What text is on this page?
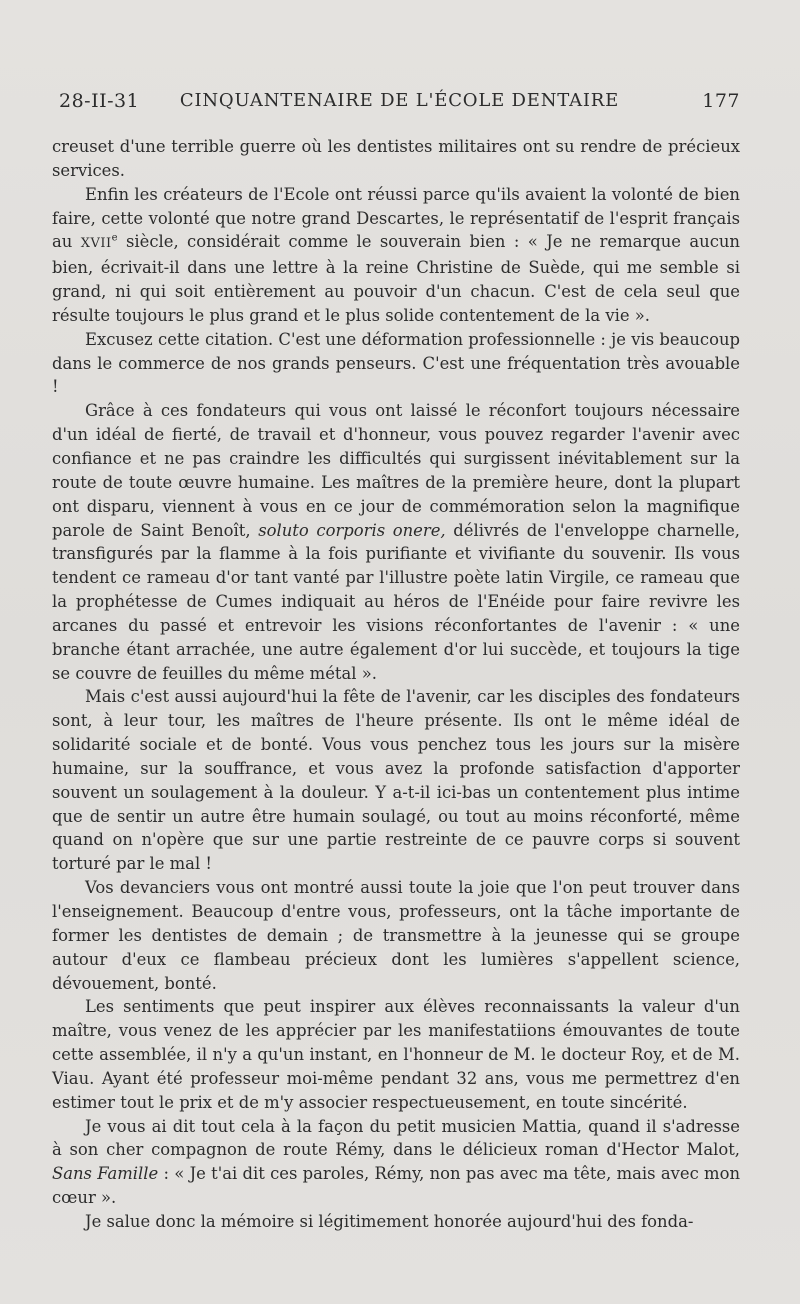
28-II-31	CINQUANTENAIRE DE L'ÉCOLE DENTAIRE	177

creuset d'une terrible guerre où les dentistes militaires ont su rendre de précieux services.

Enfin les créateurs de l'Ecole ont réussi parce qu'ils avaient la volonté de bien faire, cette volonté que notre grand Descartes, le représentatif de l'esprit français au XVIIe siècle, considérait comme le souverain bien : « Je ne remarque aucun bien, écrivait-il dans une lettre à la reine Christine de Suède, qui me semble si grand, ni qui soit entièrement au pouvoir d'un chacun. C'est de cela seul que résulte toujours le plus grand et le plus solide contentement de la vie ».

Excusez cette citation. C'est une déformation professionnelle : je vis beaucoup dans le commerce de nos grands penseurs. C'est une fréquentation très avouable !

Grâce à ces fondateurs qui vous ont laissé le réconfort toujours nécessaire d'un idéal de fierté, de travail et d'honneur, vous pouvez regarder l'avenir avec confiance et ne pas craindre les difficultés qui surgissent inévitablement sur la route de toute œuvre humaine. Les maîtres de la première heure, dont la plupart ont disparu, viennent à vous en ce jour de commémoration selon la magnifique parole de Saint Benoît, soluto corporis onere, délivrés de l'enveloppe charnelle, transfigurés par la flamme à la fois purifiante et vivifiante du souvenir. Ils vous tendent ce rameau d'or tant vanté par l'illustre poète latin Virgile, ce rameau que la prophétesse de Cumes indiquait au héros de l'Enéide pour faire revivre les arcanes du passé et entrevoir les visions réconfortantes de l'avenir : « une branche étant arrachée, une autre également d'or lui succède, et toujours la tige se couvre de feuilles du même métal ».

Mais c'est aussi aujourd'hui la fête de l'avenir, car les disciples des fondateurs sont, à leur tour, les maîtres de l'heure présente. Ils ont le même idéal de solidarité sociale et de bonté. Vous vous penchez tous les jours sur la misère humaine, sur la souffrance, et vous avez la profonde satisfaction d'apporter souvent un soulagement à la douleur. Y a-t-il ici-bas un contentement plus intime que de sentir un autre être humain soulagé, ou tout au moins réconforté, même quand on n'opère que sur une partie restreinte de ce pauvre corps si souvent torturé par le mal !

Vos devanciers vous ont montré aussi toute la joie que l'on peut trouver dans l'enseignement. Beaucoup d'entre vous, professeurs, ont la tâche importante de former les dentistes de demain ; de transmettre à la jeunesse qui se groupe autour d'eux ce flambeau précieux dont les lumières s'appellent science, dévouement, bonté.

Les sentiments que peut inspirer aux élèves reconnaissants la valeur d'un maître, vous venez de les apprécier par les manifestatiions émouvantes de toute cette assemblée, il n'y a qu'un instant, en l'honneur de M. le docteur Roy, et de M. Viau. Ayant été professeur moi-même pendant 32 ans, vous me permettrez d'en estimer tout le prix et de m'y associer respectueusement, en toute sincérité.

Je vous ai dit tout cela à la façon du petit musicien Mattia, quand il s'adresse à son cher compagnon de route Rémy, dans le délicieux roman d'Hector Malot, Sans Famille : « Je t'ai dit ces paroles, Rémy, non pas avec ma tête, mais avec mon cœur ».

Je salue donc la mémoire si légitimement honorée aujourd'hui des fonda-
